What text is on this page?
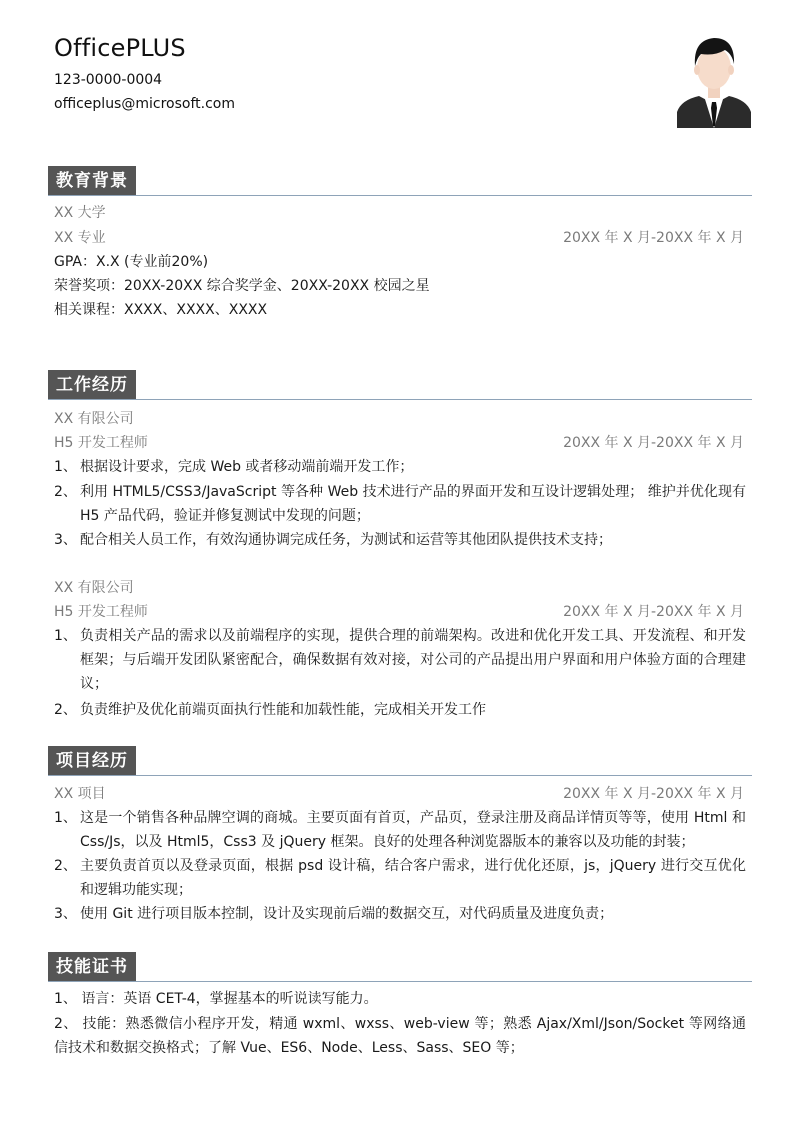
OfficePLUS
123-0000-0004
officeplus@microsoft.com
教育背景
XX 大学
XX 专业	20XX 年 X 月-20XX 年 X 月
GPA：X.X (专业前20%)
荣誉奖项：20XX-20XX 综合奖学金、20XX-20XX 校园之星
相关课程：XXXX、XXXX、XXXX
工作经历
XX 有限公司
H5 开发工程师	20XX 年 X 月-20XX 年 X 月
1、 根据设计要求，完成 Web 或者移动端前端开发工作；
2、 利用 HTML5/CSS3/JavaScript 等各种 Web 技术进行产品的界面开发和互设计逻辑处理； 维护并优化现有 H5 产品代码，验证并修复测试中发现的问题；
3、 配合相关人员工作，有效沟通协调完成任务，为测试和运营等其他团队提供技术支持；
XX 有限公司
H5 开发工程师	20XX 年 X 月-20XX 年 X 月
1、 负责相关产品的需求以及前端程序的实现，提供合理的前端架构。改进和优化开发工具、开发流程、和开发框架；与后端开发团队紧密配合，确保数据有效对接，对公司的产品提出用户界面和用户体验方面的合理建议；
2、 负责维护及优化前端页面执行性能和加载性能，完成相关开发工作
项目经历
XX 项目	20XX 年 X 月-20XX 年 X 月
1、 这是一个销售各种品牌空调的商城。主要页面有首页，产品页，登录注册及商品详情页等等，使用 Html 和 Css/Js，以及 Html5，Css3 及 jQuery 框架。良好的处理各种浏览器版本的兼容以及功能的封装；
2、 主要负责首页以及登录页面，根据 psd 设计稿，结合客户需求，进行优化还原，js，jQuery 进行交互优化和逻辑功能实现；
3、 使用 Git 进行项目版本控制，设计及实现前后端的数据交互，对代码质量及进度负责；
技能证书
1、 语言：英语 CET-4，掌握基本的听说读写能力。
2、 技能：熟悉微信小程序开发，精通 wxml、wxss、web-view 等；熟悉 Ajax/Xml/Json/Socket 等网络通信技术和数据交换格式；了解 Vue、ES6、Node、Less、Sass、SEO 等；
